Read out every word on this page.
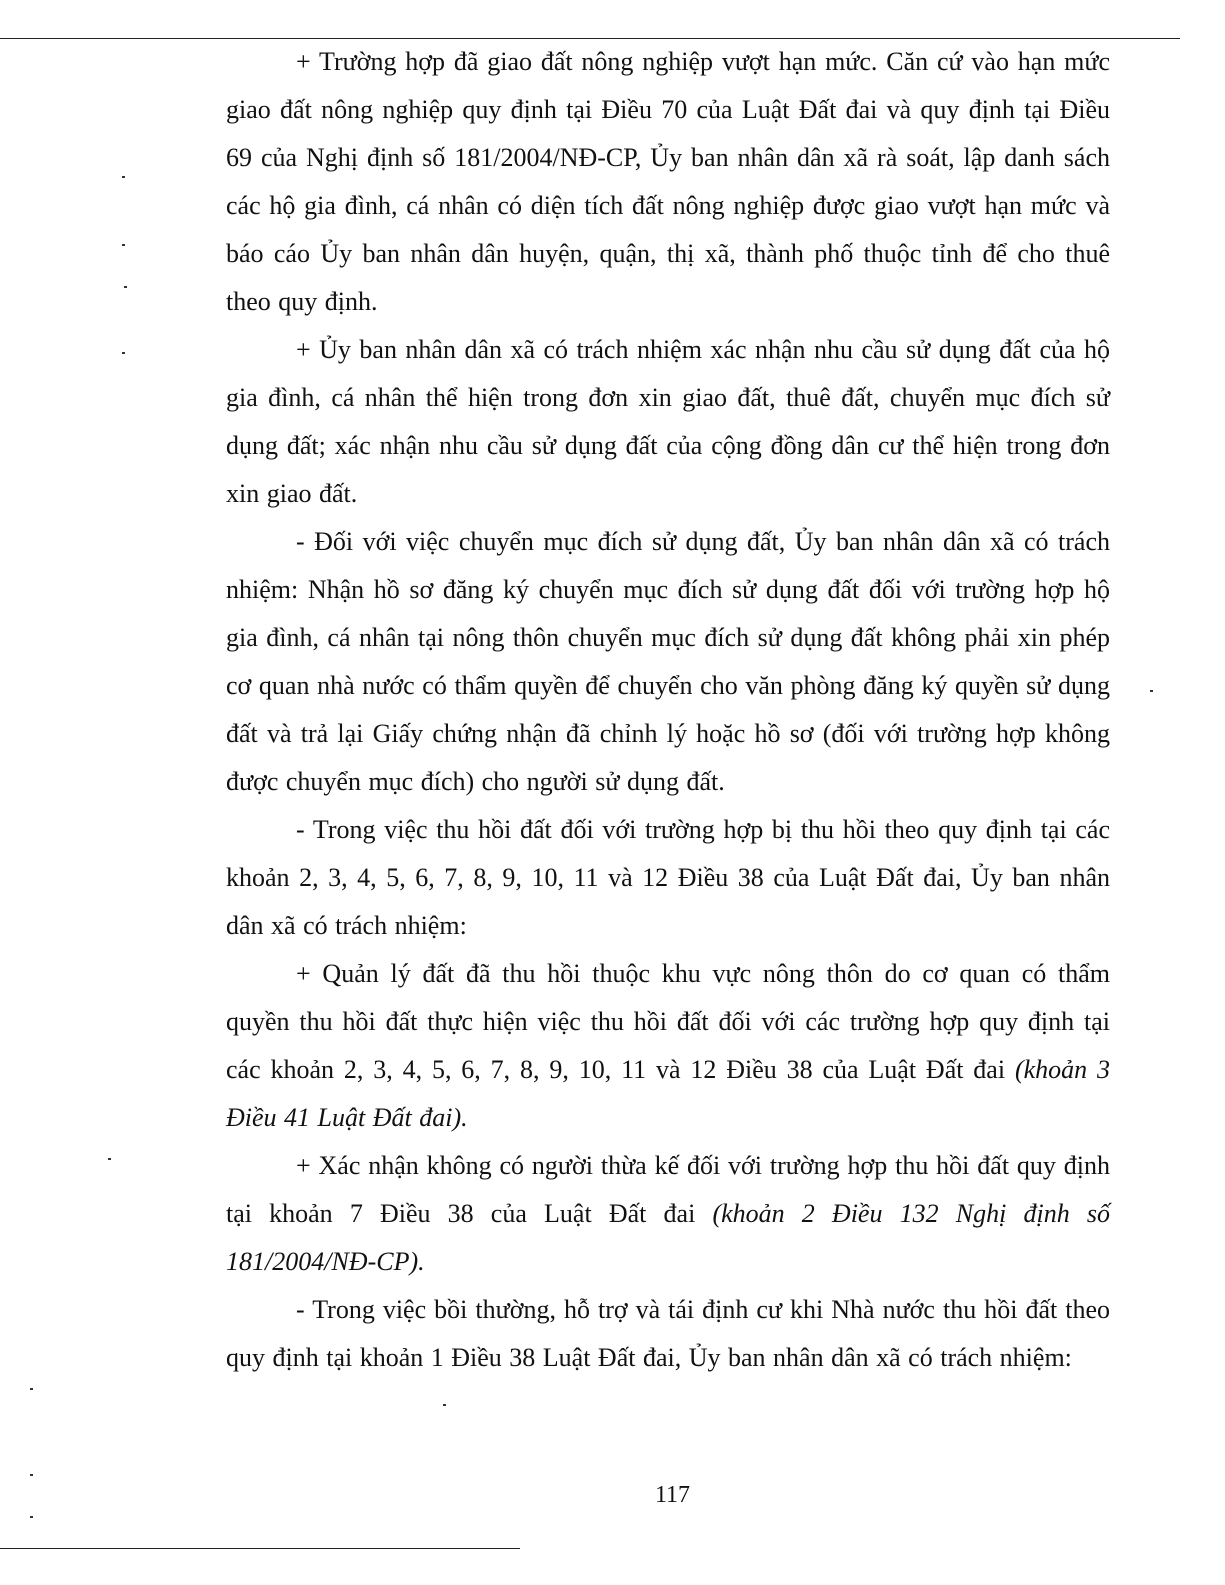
+ Trường hợp đã giao đất nông nghiệp vượt hạn mức. Căn cứ vào hạn mức giao đất nông nghiệp quy định tại Điều 70 của Luật Đất đai và quy định tại Điều 69 của Nghị định số 181/2004/NĐ-CP, Ủy ban nhân dân xã rà soát, lập danh sách các hộ gia đình, cá nhân có diện tích đất nông nghiệp được giao vượt hạn mức và báo cáo Ủy ban nhân dân huyện, quận, thị xã, thành phố thuộc tỉnh để cho thuê theo quy định.

+ Ủy ban nhân dân xã có trách nhiệm xác nhận nhu cầu sử dụng đất của hộ gia đình, cá nhân thể hiện trong đơn xin giao đất, thuê đất, chuyển mục đích sử dụng đất; xác nhận nhu cầu sử dụng đất của cộng đồng dân cư thể hiện trong đơn xin giao đất.

- Đối với việc chuyển mục đích sử dụng đất, Ủy ban nhân dân xã có trách nhiệm: Nhận hồ sơ đăng ký chuyển mục đích sử dụng đất đối với trường hợp hộ gia đình, cá nhân tại nông thôn chuyển mục đích sử dụng đất không phải xin phép cơ quan nhà nước có thẩm quyền để chuyển cho văn phòng đăng ký quyền sử dụng đất và trả lại Giấy chứng nhận đã chỉnh lý hoặc hồ sơ (đối với trường hợp không được chuyển mục đích) cho người sử dụng đất.

- Trong việc thu hồi đất đối với trường hợp bị thu hồi theo quy định tại các khoản 2, 3, 4, 5, 6, 7, 8, 9, 10, 11 và 12 Điều 38 của Luật Đất đai, Ủy ban nhân dân xã có trách nhiệm:

+ Quản lý đất đã thu hồi thuộc khu vực nông thôn do cơ quan có thẩm quyền thu hồi đất thực hiện việc thu hồi đất đối với các trường hợp quy định tại các khoản 2, 3, 4, 5, 6, 7, 8, 9, 10, 11 và 12 Điều 38 của Luật Đất đai (khoản 3 Điều 41 Luật Đất đai).

+ Xác nhận không có người thừa kế đối với trường hợp thu hồi đất quy định tại khoản 7 Điều 38 của Luật Đất đai (khoản 2 Điều 132 Nghị định số 181/2004/NĐ-CP).

- Trong việc bồi thường, hỗ trợ và tái định cư khi Nhà nước thu hồi đất theo quy định tại khoản 1 Điều 38 Luật Đất đai, Ủy ban nhân dân xã có trách nhiệm:

117
